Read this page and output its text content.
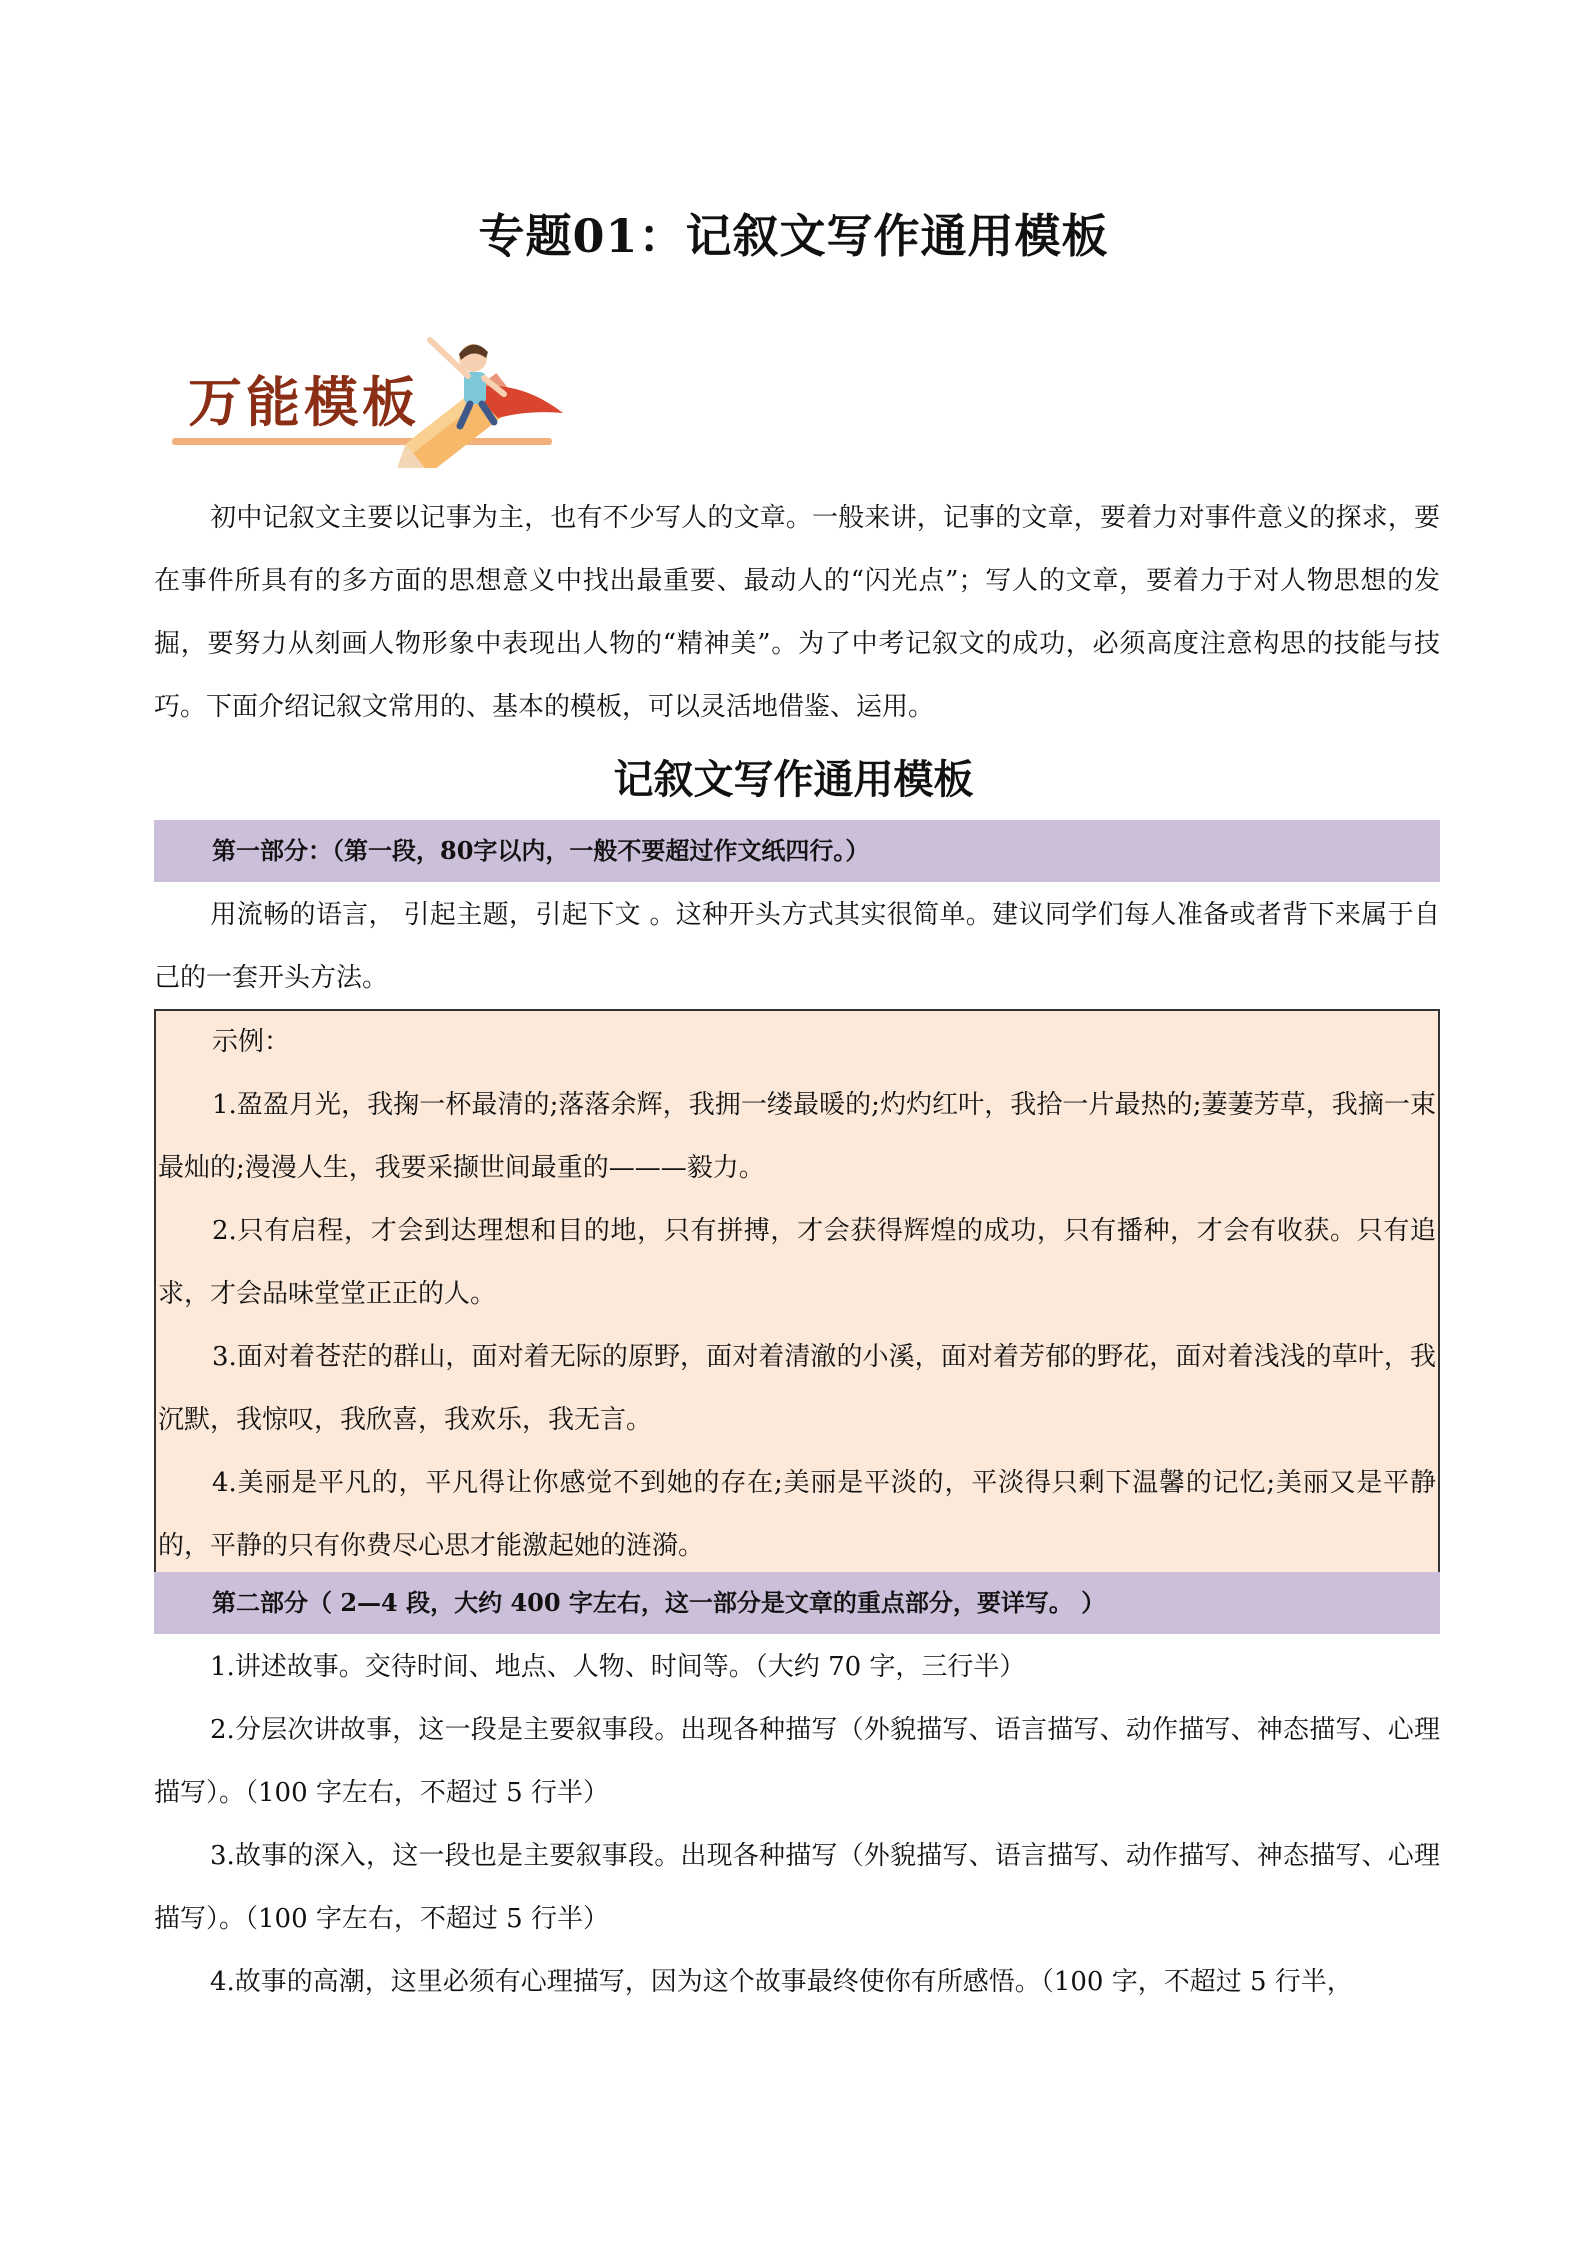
专题01：记叙文写作通用模板
万能模板

初中记叙文主要以记事为主，也有不少写人的文章。一般来讲，记事的文章，要着力对事件意义的探求，要在事件所具有的多方面的思想意义中找出最重要、最动人的“闪光点”；写人的文章，要着力于对人物思想的发掘，要努力从刻画人物形象中表现出人物的“精神美”。为了中考记叙文的成功，必须高度注意构思的技能与技巧。下面介绍记叙文常用的、基本的模板，可以灵活地借鉴、运用。

记叙文写作通用模板
第一部分：（第一段，80字以内，一般不要超过作文纸四行。）

用流畅的语言， 引起主题，引起下文 。这种开头方式其实很简单。建议同学们每人准备或者背下来属于自己的一套开头方法。

示例：

1.盈盈月光，我掬一杯最清的;落落余辉，我拥一缕最暖的;灼灼红叶，我拾一片最热的;萋萋芳草，我摘一束最灿的;漫漫人生，我要采撷世间最重的———毅力。

2.只有启程，才会到达理想和目的地，只有拼搏，才会获得辉煌的成功，只有播种，才会有收获。只有追求，才会品味堂堂正正的人。

3.面对着苍茫的群山，面对着无际的原野，面对着清澈的小溪，面对着芳郁的野花，面对着浅浅的草叶，我沉默，我惊叹，我欣喜，我欢乐，我无言。

4.美丽是平凡的，平凡得让你感觉不到她的存在;美丽是平淡的，平淡得只剩下温馨的记忆;美丽又是平静的，平静的只有你费尽心思才能激起她的涟漪。

第二部分（ 2—4 段，大约 400 字左右，这一部分是文章的重点部分，要详写。 ）

1.讲述故事。交待时间、地点、人物、时间等。（大约 70 字，三行半）

2.分层次讲故事，这一段是主要叙事段。出现各种描写（外貌描写、语言描写、动作描写、神态描写、心理描写）。（100 字左右，不超过 5 行半）

3.故事的深入，这一段也是主要叙事段。出现各种描写（外貌描写、语言描写、动作描写、神态描写、心理描写）。（100 字左右，不超过 5 行半）

4.故事的高潮，这里必须有心理描写，因为这个故事最终使你有所感悟。（100 字，不超过 5 行半，
